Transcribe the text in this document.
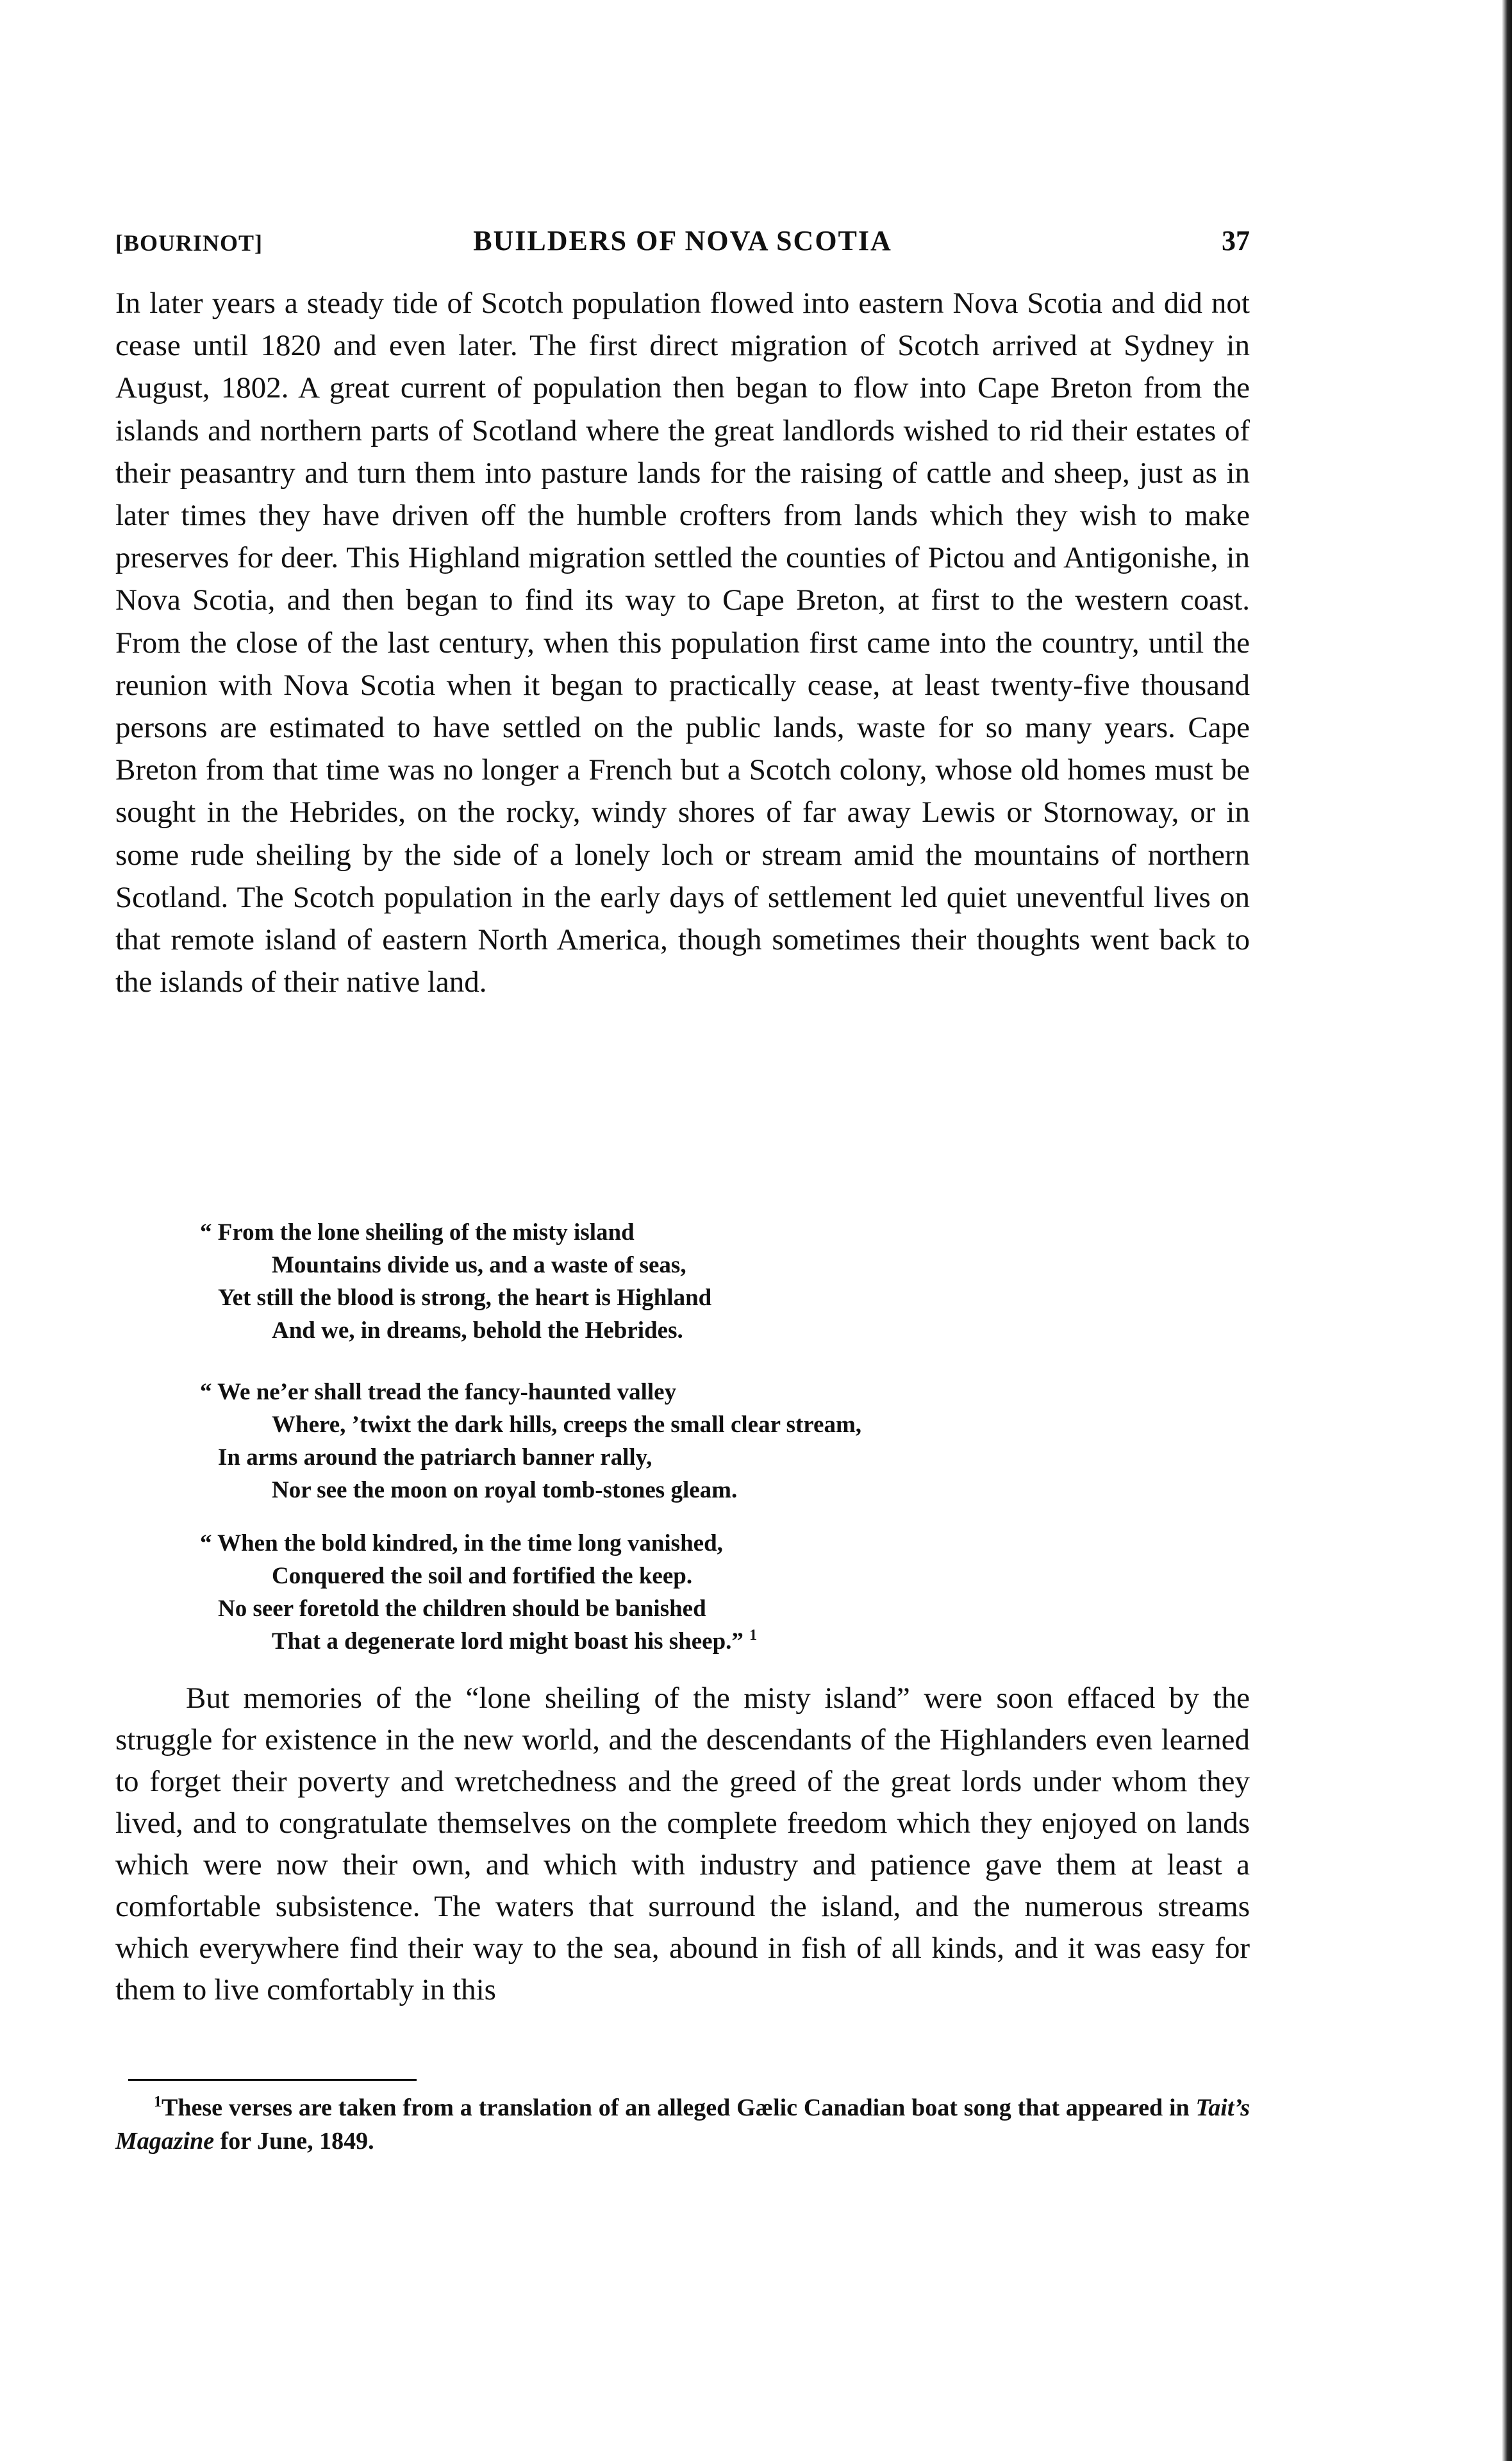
[BOURINOT]	BUILDERS OF NOVA SCOTIA	37

In later years a steady tide of Scotch population flowed into eastern Nova Scotia and did not cease until 1820 and even later. The first direct migration of Scotch arrived at Sydney in August, 1802. A great current of population then began to flow into Cape Breton from the islands and northern parts of Scotland where the great landlords wished to rid their estates of their peasantry and turn them into pasture lands for the raising of cattle and sheep, just as in later times they have driven off the humble crofters from lands which they wish to make preserves for deer. This Highland migration settled the counties of Pictou and Antigonishe, in Nova Scotia, and then began to find its way to Cape Breton, at first to the western coast. From the close of the last century, when this population first came into the country, until the reunion with Nova Scotia when it began to practically cease, at least twenty-five thousand persons are estimated to have settled on the public lands, waste for so many years. Cape Breton from that time was no longer a French but a Scotch colony, whose old homes must be sought in the Hebrides, on the rocky, windy shores of far away Lewis or Stornoway, or in some rude sheiling by the side of a lonely loch or stream amid the mountains of northern Scotland. The Scotch population in the early days of settlement led quiet uneventful lives on that remote island of eastern North America, though sometimes their thoughts went back to the islands of their native land.

“ From the lone sheiling of the misty island
Mountains divide us, and a waste of seas,
Yet still the blood is strong, the heart is Highland
And we, in dreams, behold the Hebrides.
“ We ne’er shall tread the fancy-haunted valley
Where, ’twixt the dark hills, creeps the small clear stream,
In arms around the patriarch banner rally,
Nor see the moon on royal tomb-stones gleam.
“ When the bold kindred, in the time long vanished,
Conquered the soil and fortified the keep.
No seer foretold the children should be banished
That a degenerate lord might boast his sheep.” $^1$

But memories of the “lone sheiling of the misty island” were soon effaced by the struggle for existence in the new world, and the descendants of the Highlanders even learned to forget their poverty and wretchedness and the greed of the great lords under whom they lived, and to congratulate themselves on the complete freedom which they enjoyed on lands which were now their own, and which with industry and patience gave them at least a comfortable subsistence. The waters that surround the island, and the numerous streams which everywhere find their way to the sea, abound in fish of all kinds, and it was easy for them to live comfortably in this

$^1$These verses are taken from a translation of an alleged Gælic Canadian boat song that appeared in Tait’s Magazine for June, 1849.
